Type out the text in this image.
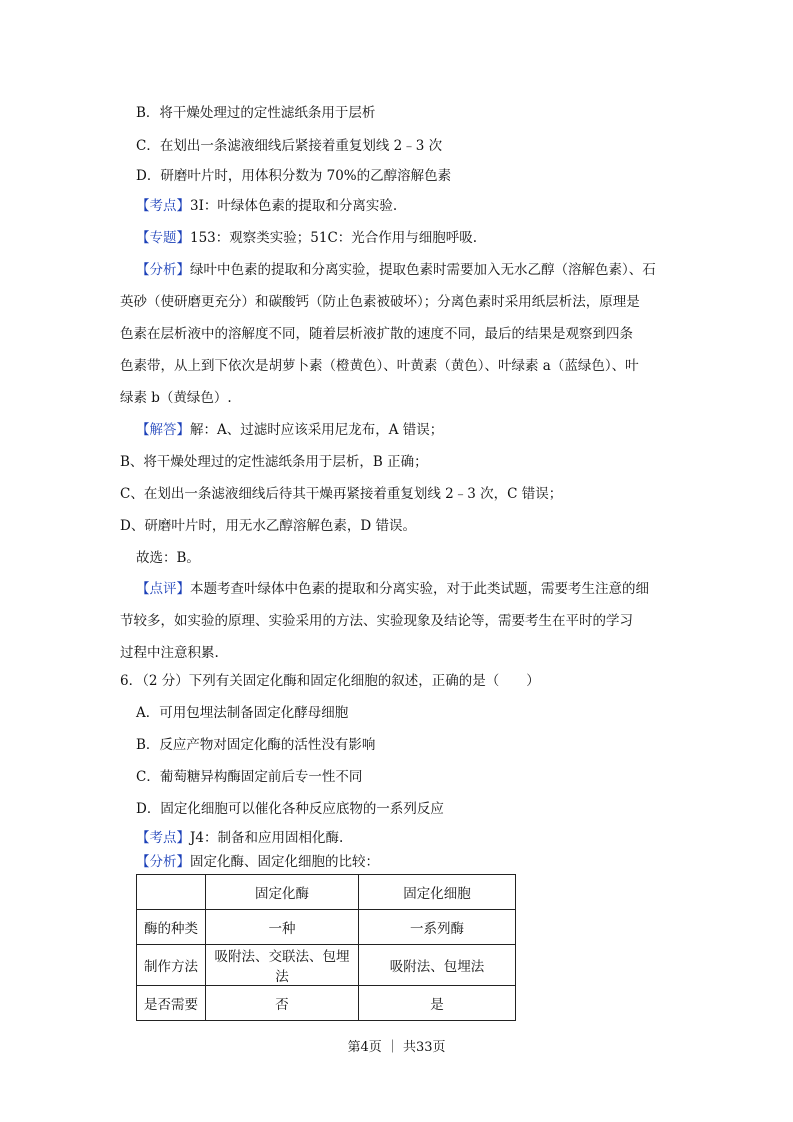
B．将干燥处理过的定性滤纸条用于层析
C．在划出一条滤液细线后紧接着重复划线 2﹣3 次
D．研磨叶片时，用体积分数为 70%的乙醇溶解色素
【考点】3I：叶绿体色素的提取和分离实验.
【专题】153：观察类实验；51C：光合作用与细胞呼吸.
【分析】绿叶中色素的提取和分离实验，提取色素时需要加入无水乙醇（溶解色素）、石
英砂（使研磨更充分）和碳酸钙（防止色素被破坏）；分离色素时采用纸层析法，原理是
色素在层析液中的溶解度不同，随着层析液扩散的速度不同，最后的结果是观察到四条
色素带，从上到下依次是胡萝卜素（橙黄色）、叶黄素（黄色）、叶绿素 a（蓝绿色）、叶
绿素 b（黄绿色）.
【解答】解：A、过滤时应该采用尼龙布，A 错误；
B、将干燥处理过的定性滤纸条用于层析，B 正确；
C、在划出一条滤液细线后待其干燥再紧接着重复划线 2﹣3 次，C 错误；
D、研磨叶片时，用无水乙醇溶解色素，D 错误。
故选：B。
【点评】本题考查叶绿体中色素的提取和分离实验，对于此类试题，需要考生注意的细
节较多，如实验的原理、实验采用的方法、实验现象及结论等，需要考生在平时的学习
过程中注意积累.
6．（2 分）下列有关固定化酶和固定化细胞的叙述，正确的是（　　）
A．可用包埋法制备固定化酵母细胞
B．反应产物对固定化酶的活性没有影响
C．葡萄糖异构酶固定前后专一性不同
D．固定化细胞可以催化各种反应底物的一系列反应
【考点】J4：制备和应用固相化酶.
【分析】固定化酶、固定化细胞的比较：
	固定化酶	固定化细胞
酶的种类	一种	一系列酶
制作方法	吸附法、交联法、包埋法	吸附法、包埋法
是否需要	否	是
第4页 ｜ 共33页
